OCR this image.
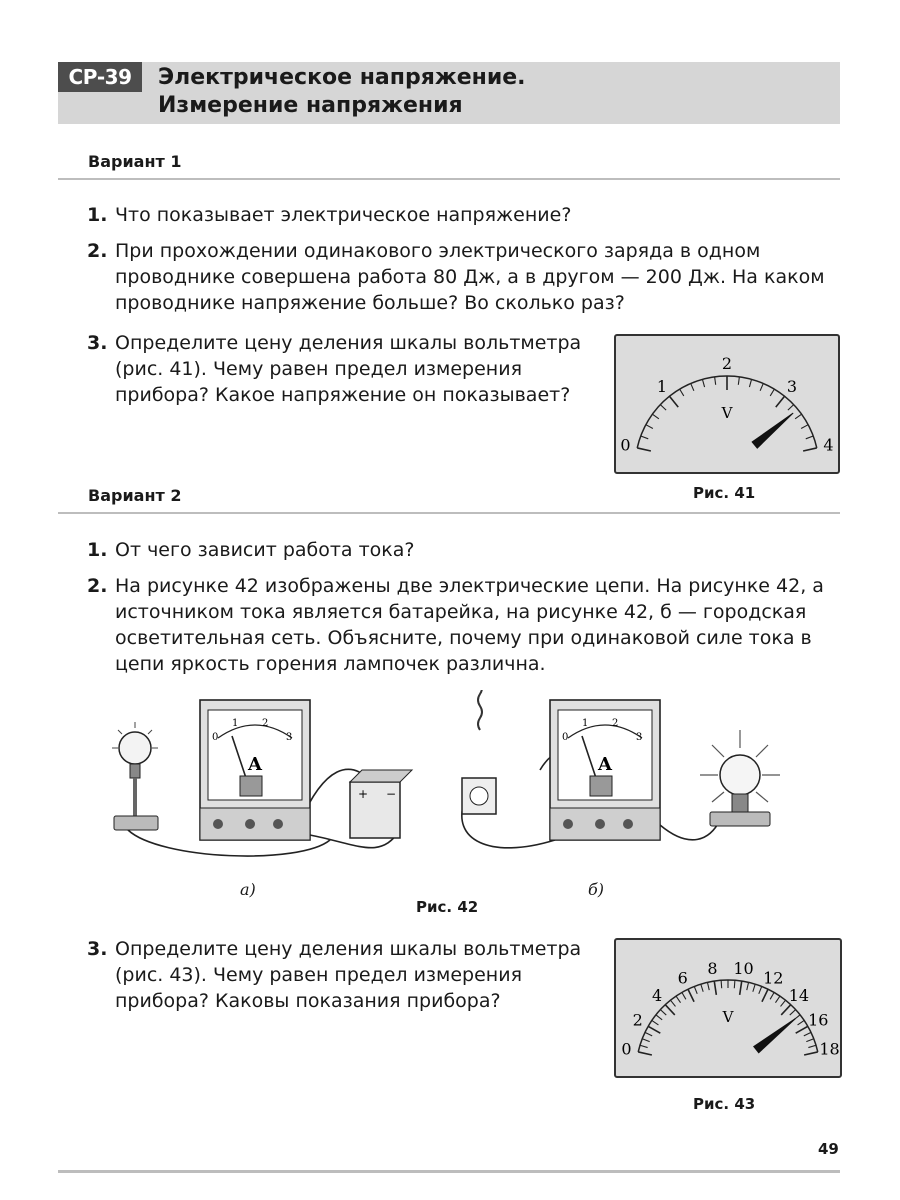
СР-39	Электрическое напряжение.
Измерение напряжения
Вариант 1
1. Что показывает электрическое напряжение?
2. При прохождении одинакового электрического заряда в одном проводнике совершена работа 80 Дж, а в другом — 200 Дж. На каком проводнике напряжение больше? Во сколько раз?
3. Определите цену деления шкалы вольтметра (рис. 41). Чему равен предел измерения прибора? Какое напряжение он показывает?
0
1
2
3
4
V
Рис. 41
Вариант 2
1. От чего зависит работа тока?
2. На рисунке 42 изображены две электрические цепи. На рисунке 42, а источником тока является батарейка, на рисунке 42, б — городская осветительная сеть. Объясните, почему при одинаковой силе тока в цепи яркость горения лампочек различна.
0
1 2
3
A
+ −
0
1 2
3
A
а)	б)
Рис. 42
3. Определите цену деления шкалы вольтметра (рис. 43). Чему равен предел измерения прибора? Каковы показания прибора?
0
2
4
6 8 10 12
14
16
18
V
Рис. 43
49
